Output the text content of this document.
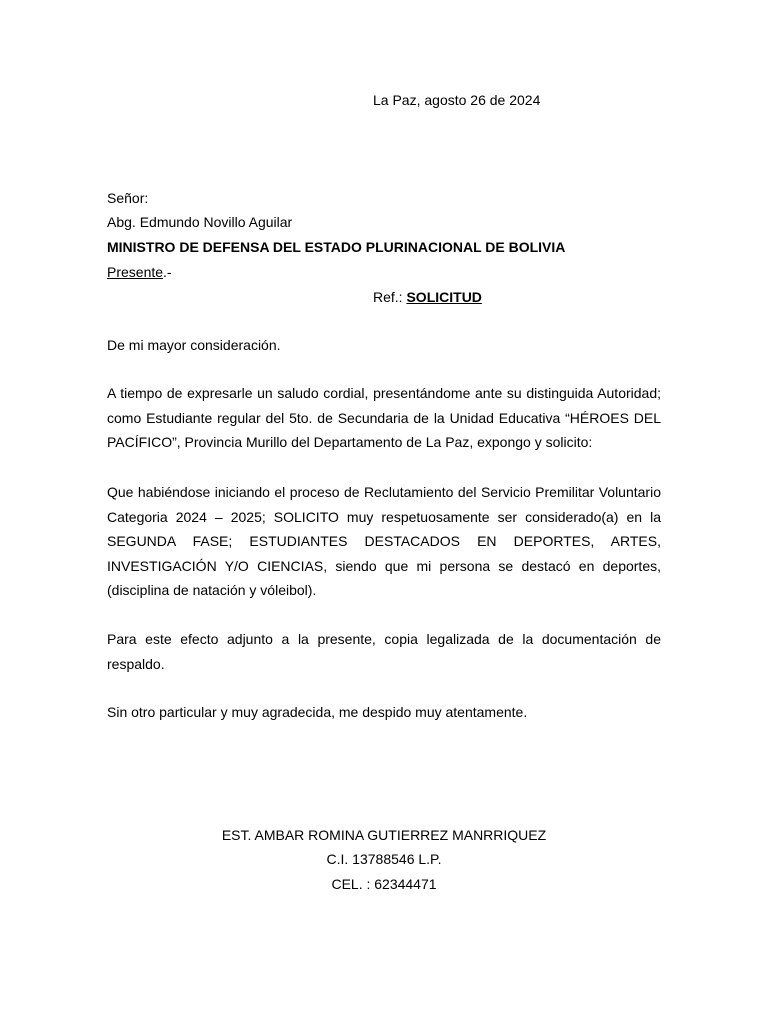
La Paz, agosto 26 de 2024
Señor:
Abg. Edmundo Novillo Aguilar
MINISTRO DE DEFENSA DEL ESTADO PLURINACIONAL DE BOLIVIA
Presente.-
Ref.: SOLICITUD
De mi mayor consideración.
A tiempo de expresarle un saludo cordial, presentándome ante su distinguida Autoridad;
como Estudiante regular del 5to. de Secundaria de la Unidad Educativa “HÉROES DEL
PACÍFICO”, Provincia Murillo del Departamento de La Paz, expongo y solicito:
Que habiéndose iniciando el proceso de Reclutamiento del Servicio Premilitar Voluntario
Categoria 2024 – 2025; SOLICITO muy respetuosamente ser considerado(a) en la
SEGUNDA FASE; ESTUDIANTES DESTACADOS EN DEPORTES, ARTES,
INVESTIGACIÓN Y/O CIENCIAS, siendo que mi persona se destacó en deportes,
(disciplina de natación y vóleibol).
Para este efecto adjunto a la presente, copia legalizada de la documentación de
respaldo.
Sin otro particular y muy agradecida, me despido muy atentamente.
EST. AMBAR ROMINA GUTIERREZ MANRRIQUEZ
C.I. 13788546 L.P.
CEL. : 62344471
